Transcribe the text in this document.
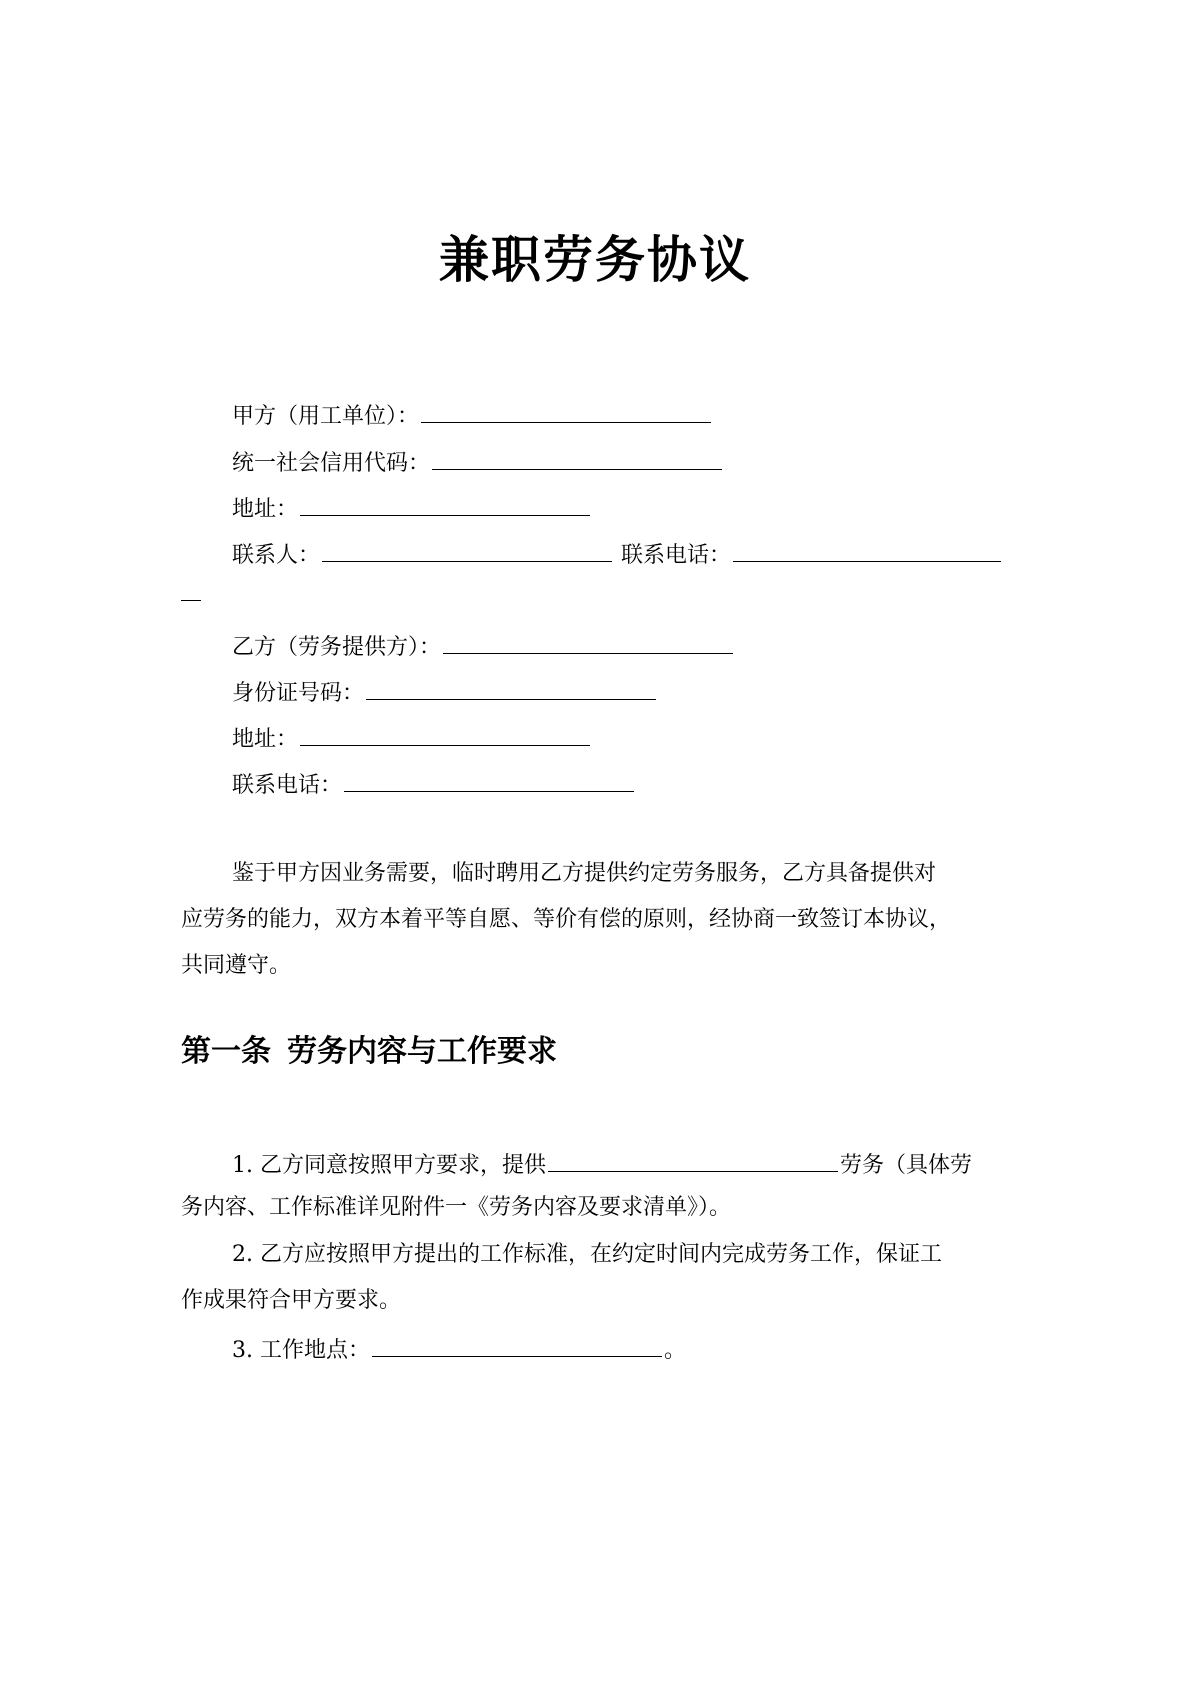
兼职劳务协议
甲方（用工单位）：
统一社会信用代码：
地址：
联系人：	联系电话：
乙方（劳务提供方）：
身份证号码：
地址：
联系电话：
鉴于甲方因业务需要，临时聘用乙方提供约定劳务服务，乙方具备提供对
应劳务的能力，双方本着平等自愿、等价有偿的原则，经协商一致签订本协议，
共同遵守。
第一条 劳务内容与工作要求
1. 乙方同意按照甲方要求，提供	劳务（具体劳
务内容、工作标准详见附件一《劳务内容及要求清单》）。
2. 乙方应按照甲方提出的工作标准，在约定时间内完成劳务工作，保证工
作成果符合甲方要求。
3. 工作地点：	。
